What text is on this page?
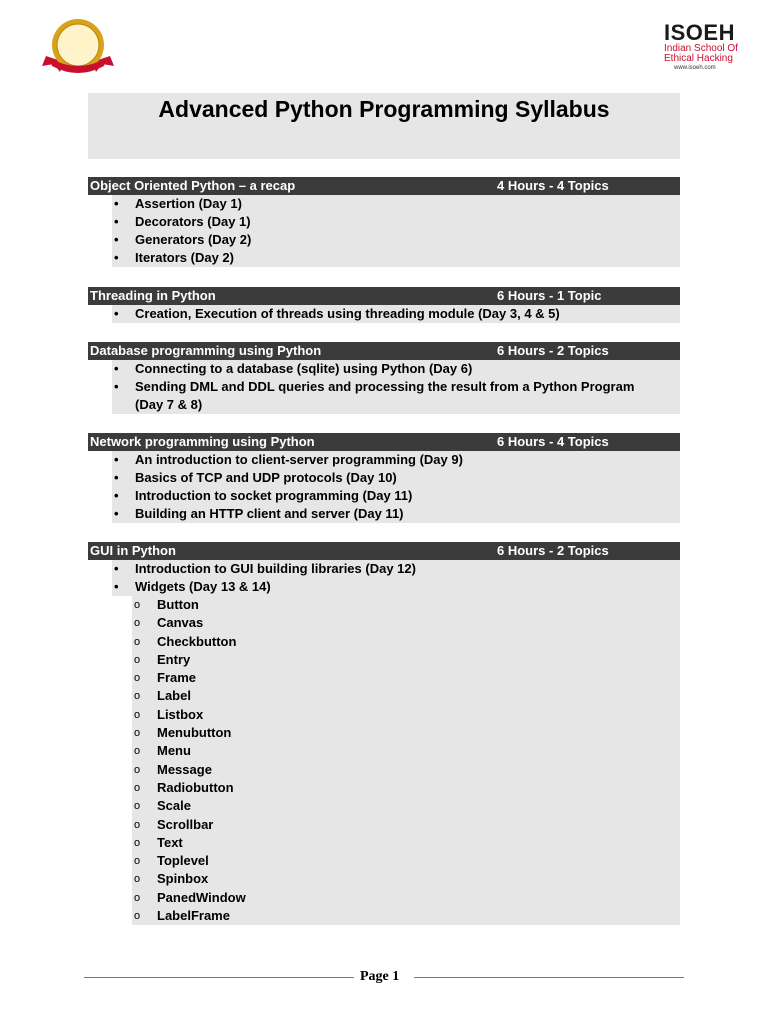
ISOEH
Indian School Of
Ethical Hacking
www.isoeh.com
Advanced Python Programming Syllabus
Object Oriented Python – a recap	4 Hours - 4 Topics
• Assertion (Day 1)
• Decorators (Day 1)
• Generators (Day 2)
• Iterators (Day 2)
Threading in Python	6 Hours - 1 Topic
• Creation, Execution of threads using threading module (Day 3, 4 & 5)
Database programming using Python	6 Hours - 2 Topics
• Connecting to a database (sqlite) using Python (Day 6)
• Sending DML and DDL queries and processing the result from a Python Program (Day 7 & 8)
Network programming using Python	6 Hours - 4 Topics
• An introduction to client-server programming (Day 9)
• Basics of TCP and UDP protocols (Day 10)
• Introduction to socket programming (Day 11)
• Building an HTTP client and server (Day 11)
GUI in Python	6 Hours - 2 Topics
• Introduction to GUI building libraries (Day 12)
• Widgets (Day 13 & 14)
o Button
o Canvas
o Checkbutton
o Entry
o Frame
o Label
o Listbox
o Menubutton
o Menu
o Message
o Radiobutton
o Scale
o Scrollbar
o Text
o Toplevel
o Spinbox
o PanedWindow
o LabelFrame
Page 1
